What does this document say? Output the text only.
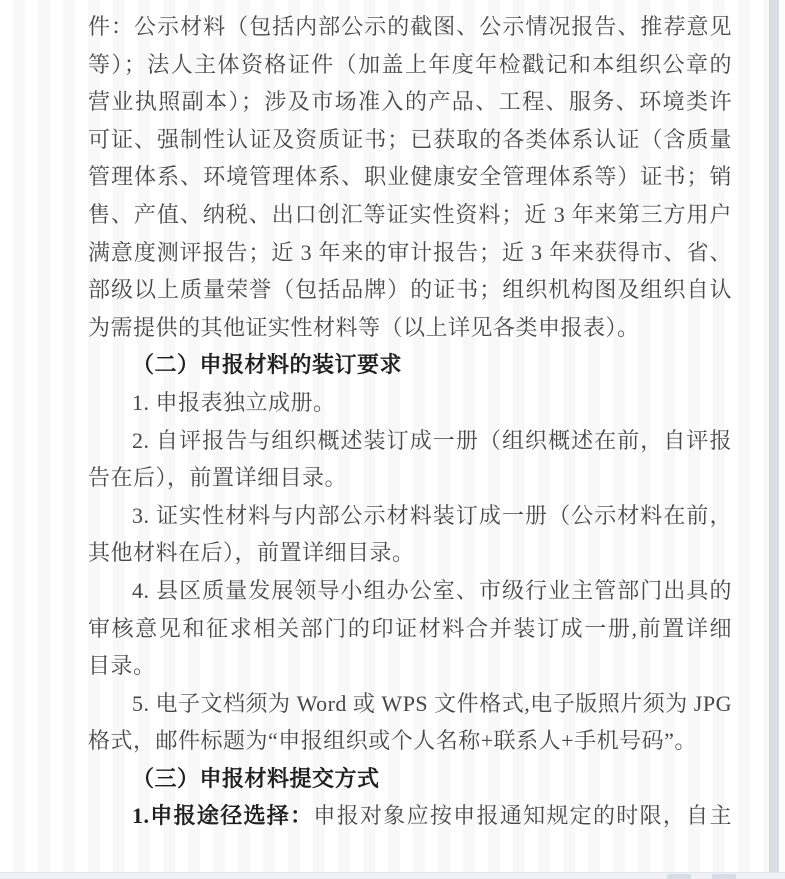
件：公示材料（包括内部公示的截图、公示情况报告、推荐意见
等）；法人主体资格证件（加盖上年度年检戳记和本组织公章的
营业执照副本）；涉及市场准入的产品、工程、服务、环境类许
可证、强制性认证及资质证书；已获取的各类体系认证（含质量
管理体系、环境管理体系、职业健康安全管理体系等）证书；销
售、产值、纳税、出口创汇等证实性资料；近 3 年来第三方用户
满意度测评报告；近 3 年来的审计报告；近 3 年来获得市、省、
部级以上质量荣誉（包括品牌）的证书；组织机构图及组织自认
为需提供的其他证实性材料等（以上详见各类申报表）。
（二）申报材料的装订要求
1. 申报表独立成册。
2. 自评报告与组织概述装订成一册（组织概述在前，自评报
告在后），前置详细目录。
3. 证实性材料与内部公示材料装订成一册（公示材料在前，
其他材料在后），前置详细目录。
4. 县区质量发展领导小组办公室、市级行业主管部门出具的
审核意见和征求相关部门的印证材料合并装订成一册,前置详细
目录。
5. 电子文档须为 Word 或 WPS 文件格式,电子版照片须为 JPG
格式，邮件标题为“申报组织或个人名称+联系人+手机号码”。
（三）申报材料提交方式
1.申报途径选择：申报对象应按申报通知规定的时限，自主
